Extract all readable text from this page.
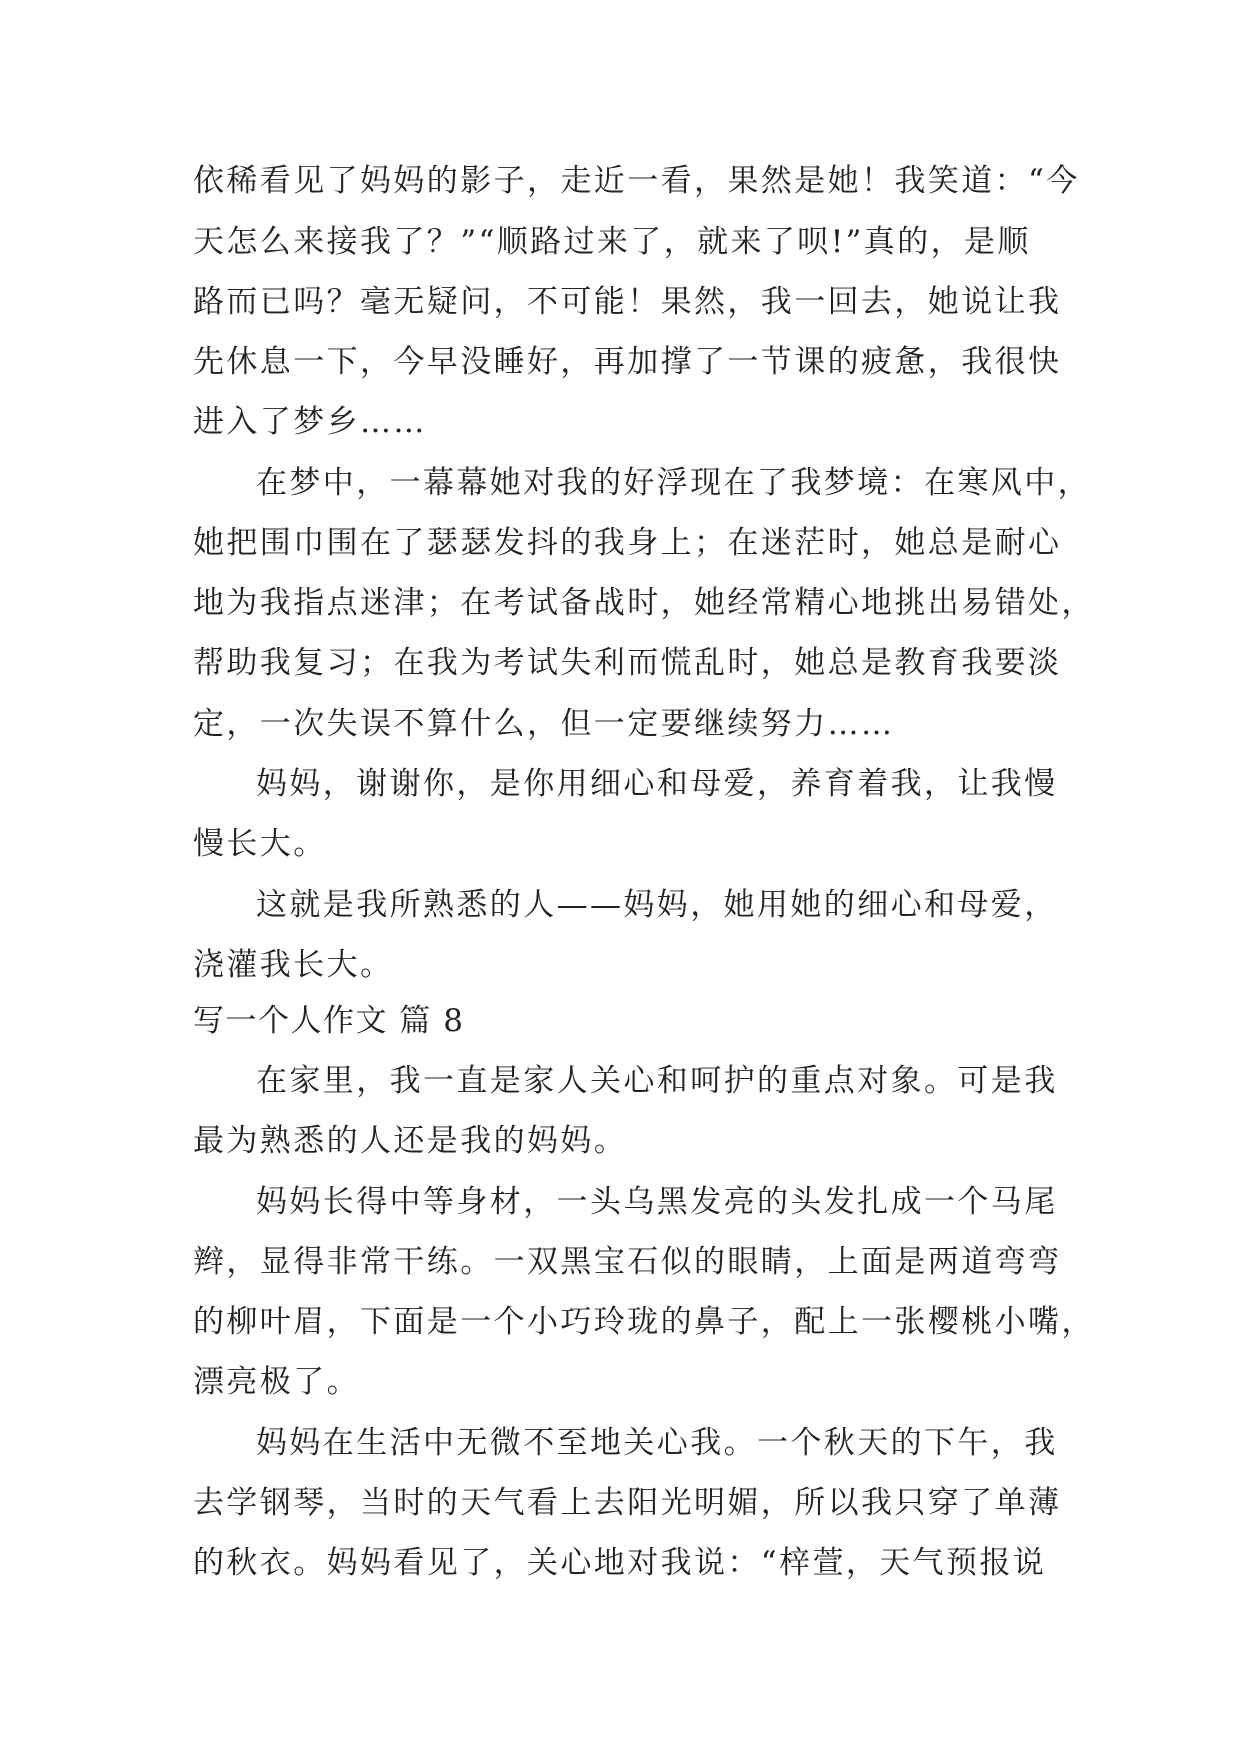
依稀看见了妈妈的影子，走近一看，果然是她！我笑道：“今
天怎么来接我了？”“顺路过来了，就来了呗!”真的，是顺
路而已吗？毫无疑问，不可能！果然，我一回去，她说让我
先休息一下，今早没睡好，再加撑了一节课的疲惫，我很快
进入了梦乡……
在梦中，一幕幕她对我的好浮现在了我梦境：在寒风中，
她把围巾围在了瑟瑟发抖的我身上；在迷茫时，她总是耐心
地为我指点迷津；在考试备战时，她经常精心地挑出易错处，
帮助我复习；在我为考试失利而慌乱时，她总是教育我要淡
定，一次失误不算什么，但一定要继续努力……
妈妈，谢谢你，是你用细心和母爱，养育着我，让我慢
慢长大。
这就是我所熟悉的人——妈妈，她用她的细心和母爱，
浇灌我长大。
写一个人作文 篇 8
在家里，我一直是家人关心和呵护的重点对象。可是我
最为熟悉的人还是我的妈妈。
妈妈长得中等身材，一头乌黑发亮的头发扎成一个马尾
辫，显得非常干练。一双黑宝石似的眼睛，上面是两道弯弯
的柳叶眉，下面是一个小巧玲珑的鼻子，配上一张樱桃小嘴，
漂亮极了。
妈妈在生活中无微不至地关心我。一个秋天的下午，我
去学钢琴，当时的天气看上去阳光明媚，所以我只穿了单薄
的秋衣。妈妈看见了，关心地对我说：“梓萱，天气预报说
